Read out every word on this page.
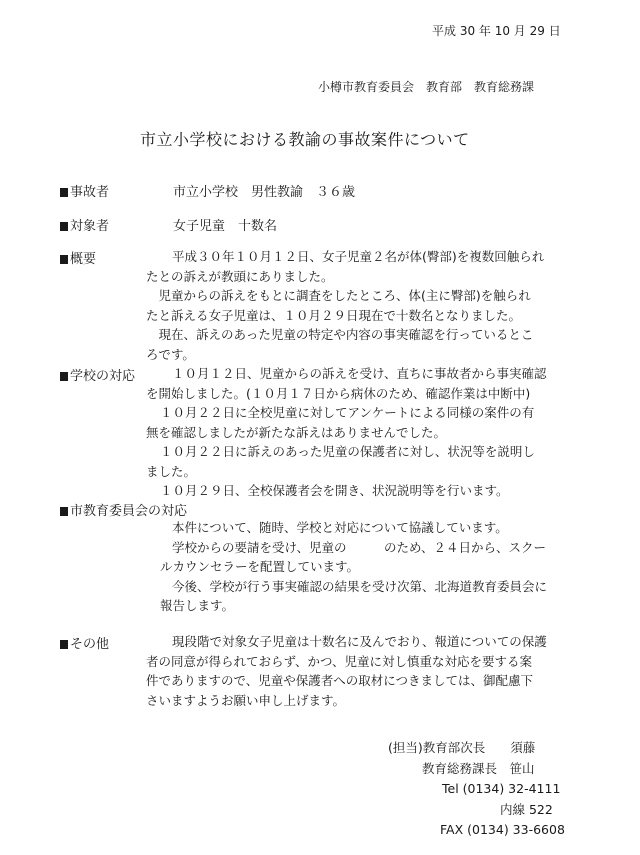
平成 30 年 10 月 29 日
小樽市教育委員会　教育部　教育総務課
市立小学校における教諭の事故案件について
事故者	市立小学校　男性教諭　３６歳
対象者	女子児童　十数名
概要	平成３０年１０月１２日、女子児童２名が体(臀部)を複数回触られ
たとの訴えが教頭にありました。
　児童からの訴えをもとに調査をしたところ、体(主に臀部)を触られ
たと訴える女子児童は、１０月２９日現在で十数名となりました。
　現在、訴えのあった児童の特定や内容の事実確認を行っているとこ
ろです。
学校の対応	１０月１２日、児童からの訴えを受け、直ちに事故者から事実確認
を開始しました。(１０月１７日から病休のため、確認作業は中断中)
１０月２２日に全校児童に対してアンケートによる同様の案件の有
無を確認しましたが新たな訴えはありませんでした。
１０月２２日に訴えのあった児童の保護者に対し、状況等を説明し
ました。
１０月２９日、全校保護者会を開き、状況説明等を行います。
市教育委員会の対応
本件について、随時、学校と対応について協議しています。
学校からの要請を受け、児童の　　　のため、２４日から、スクー
ルカウンセラーを配置しています。
今後、学校が行う事実確認の結果を受け次第、北海道教育委員会に
報告します。
その他	現段階で対象女子児童は十数名に及んでおり、報道についての保護
者の同意が得られておらず、かつ、児童に対し慎重な対応を要する案
件でありますので、児童や保護者への取材につきましては、御配慮下
さいますようお願い申し上げます。
(担当)教育部次長　　須藤
教育総務課長　笹山
Tel (0134) 32-4111
内線 522
FAX (0134) 33-6608
